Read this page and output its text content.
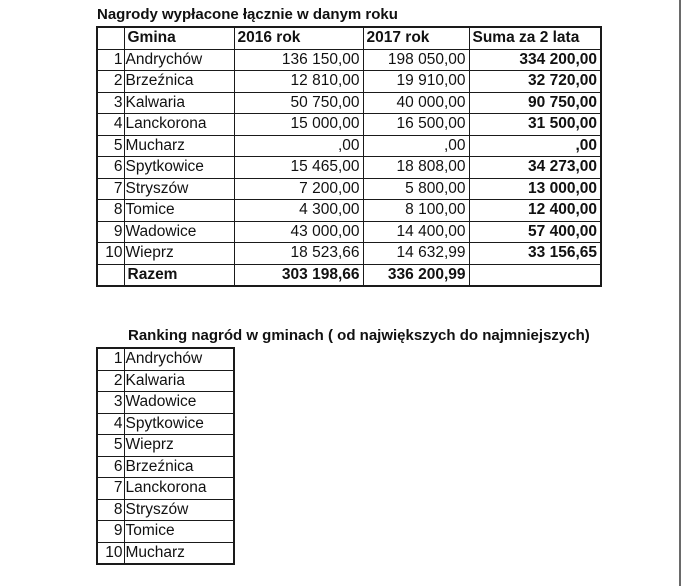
Nagrody wypłacone łącznie w danym roku
	Gmina	2016 rok	2017 rok	Suma za 2 lata
1	Andrychów	136 150,00	198 050,00	334 200,00
2	Brzeźnica	12 810,00	19 910,00	32 720,00
3	Kalwaria	50 750,00	40 000,00	90 750,00
4	Lanckorona	15 000,00	16 500,00	31 500,00
5	Mucharz	,00	,00	,00
6	Spytkowice	15 465,00	18 808,00	34 273,00
7	Stryszów	7 200,00	5 800,00	13 000,00
8	Tomice	4 300,00	8 100,00	12 400,00
9	Wadowice	43 000,00	14 400,00	57 400,00
10	Wieprz	18 523,66	14 632,99	33 156,65
	Razem	303 198,66	336 200,99	
Ranking nagród w gminach ( od największych do najmniejszych)
1	Andrychów
2	Kalwaria
3	Wadowice
4	Spytkowice
5	Wieprz
6	Brzeźnica
7	Lanckorona
8	Stryszów
9	Tomice
10	Mucharz
